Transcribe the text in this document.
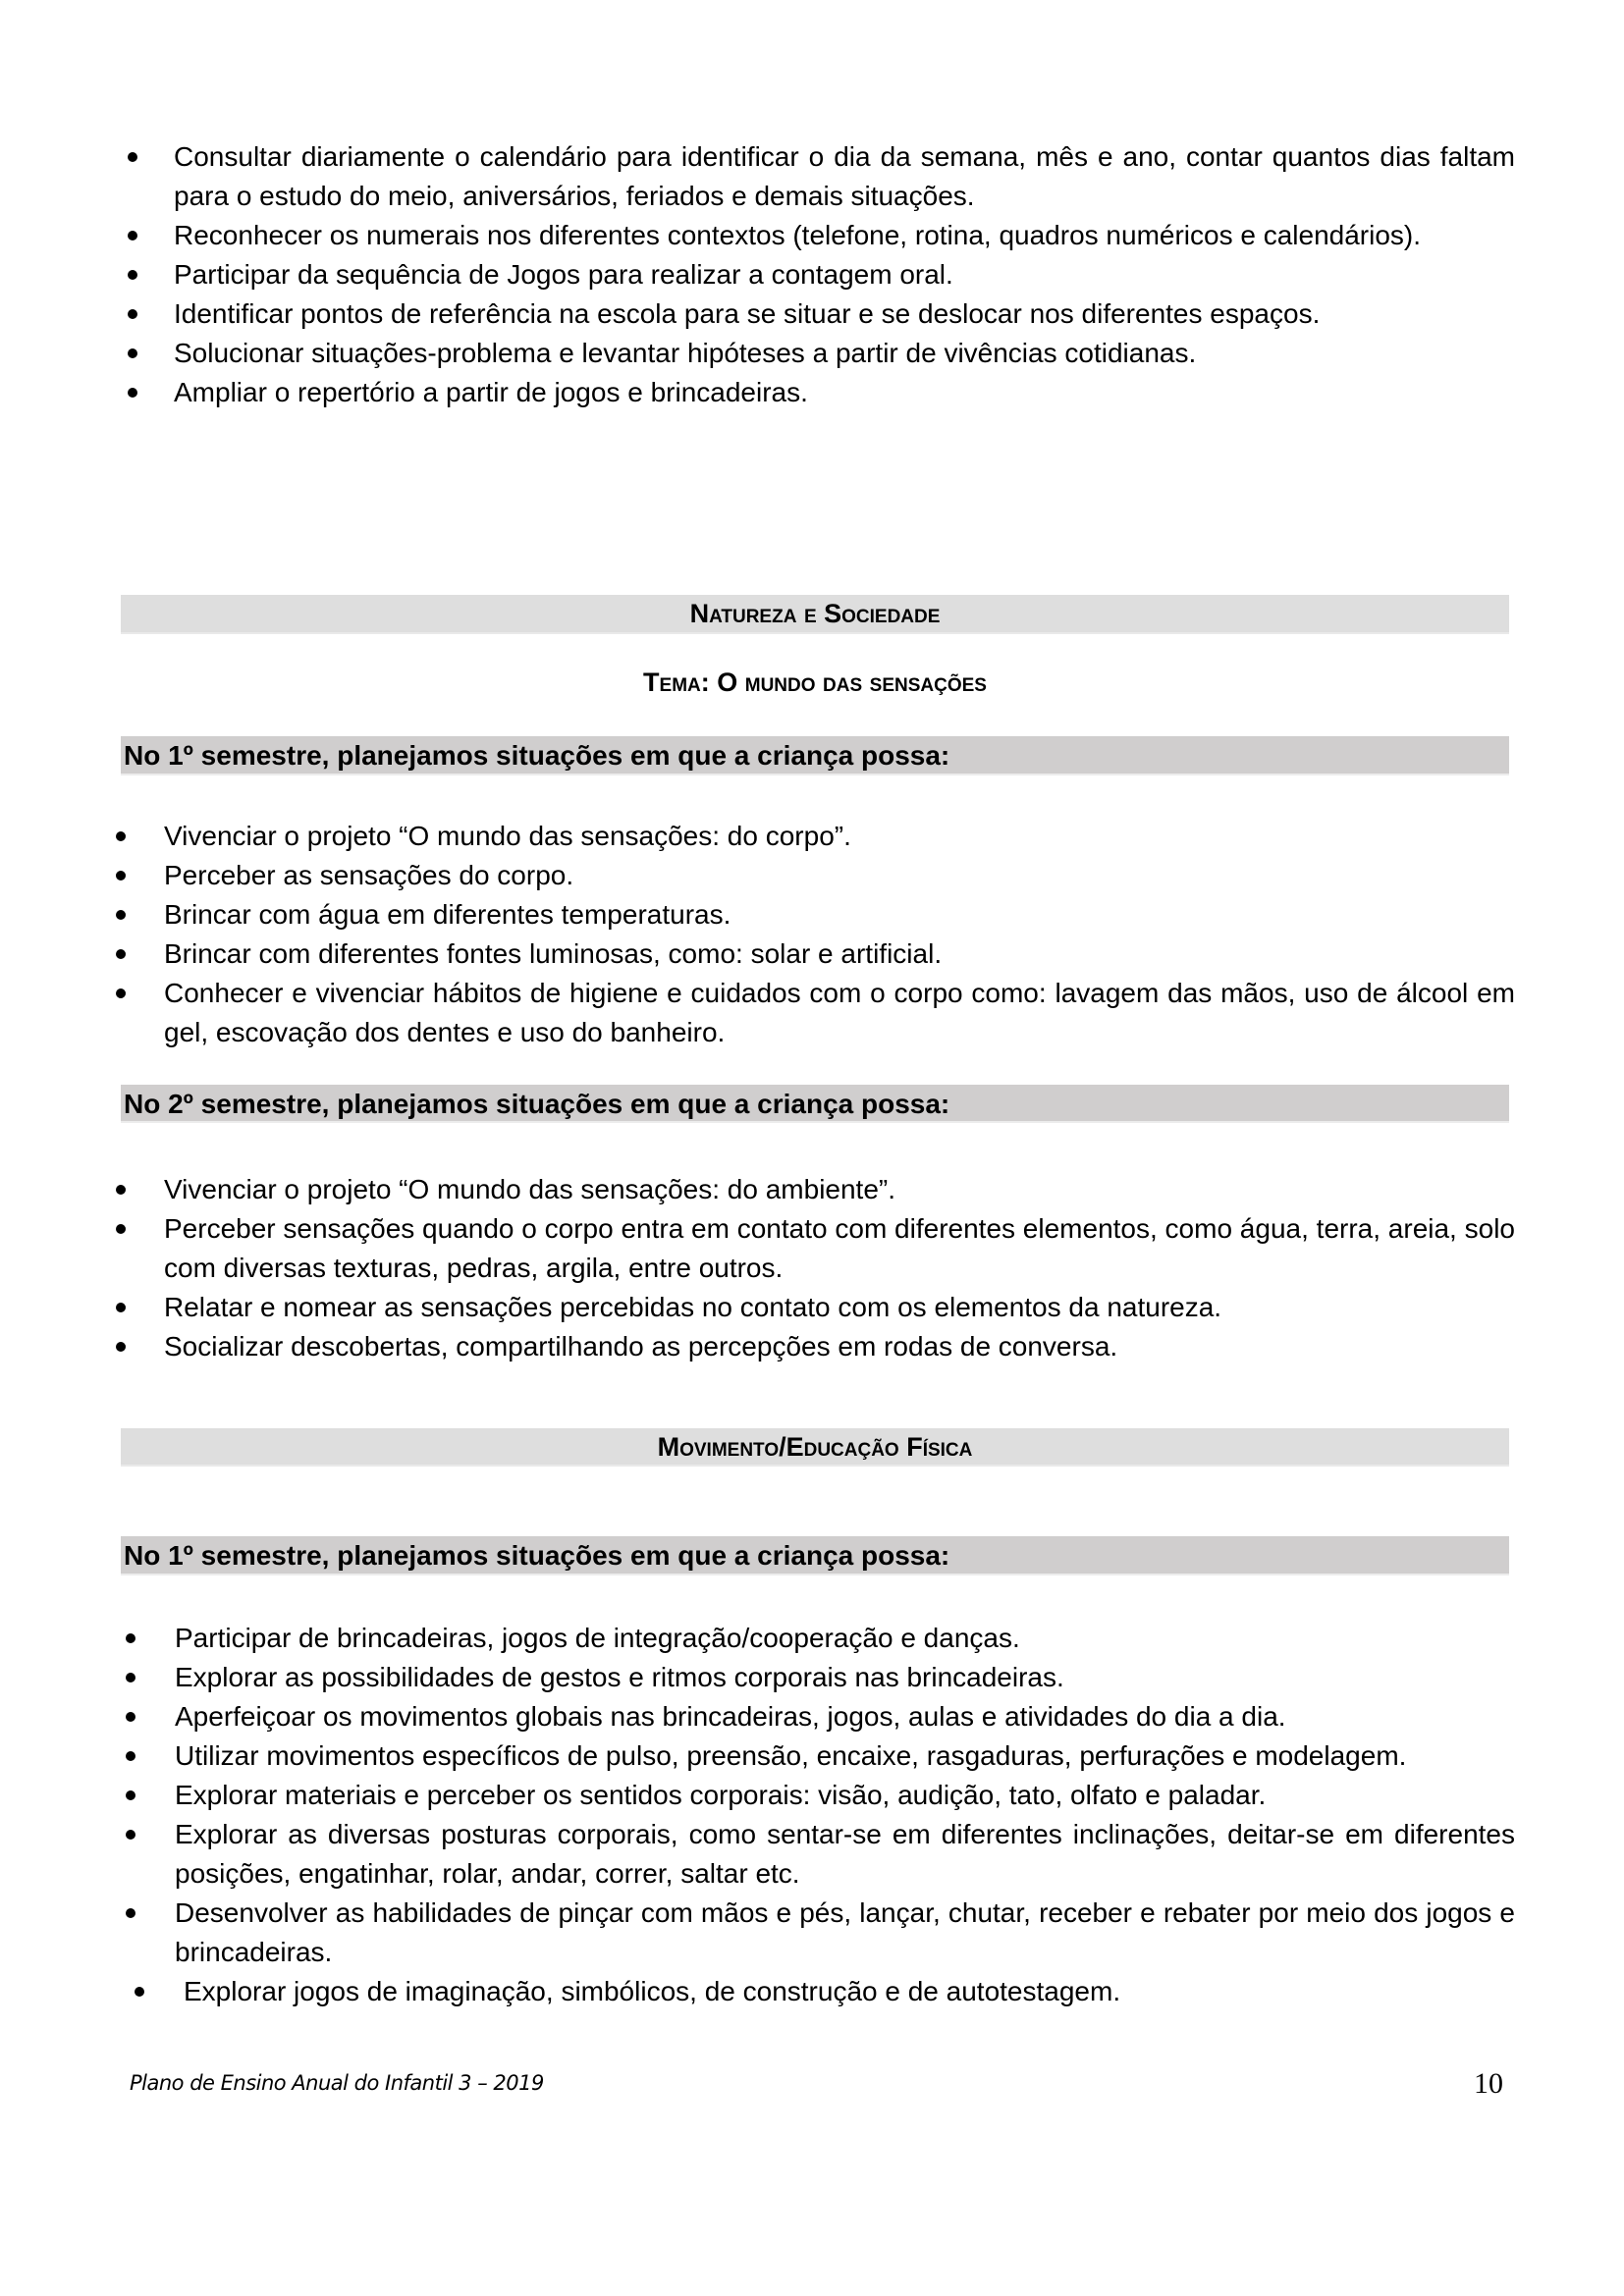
Consultar diariamente o calendário para identificar o dia da semana, mês e ano, contar quantos dias faltam para o estudo do meio, aniversários, feriados e demais situações.
Reconhecer os numerais nos diferentes contextos (telefone, rotina, quadros numéricos e calendários).
Participar da sequência de Jogos para realizar a contagem oral.
Identificar pontos de referência na escola para se situar e se deslocar nos diferentes espaços.
Solucionar situações-problema e levantar hipóteses a partir de vivências cotidianas.
Ampliar o repertório a partir de jogos e brincadeiras.
Natureza e Sociedade
Tema: O mundo das sensações
No 1º semestre, planejamos situações em que a criança possa:
Vivenciar o projeto “O mundo das sensações: do corpo”.
Perceber as sensações do corpo.
Brincar com água em diferentes temperaturas.
Brincar com diferentes fontes luminosas, como: solar e artificial.
Conhecer e vivenciar hábitos de higiene e cuidados com o corpo como: lavagem das mãos, uso de álcool em gel, escovação dos dentes e uso do banheiro.
No 2º semestre, planejamos situações em que a criança possa:
Vivenciar o projeto “O mundo das sensações: do ambiente”.
Perceber sensações quando o corpo entra em contato com diferentes elementos, como água, terra, areia, solo com diversas texturas, pedras, argila, entre outros.
Relatar e nomear as sensações percebidas no contato com os elementos da natureza.
Socializar descobertas, compartilhando as percepções em rodas de conversa.
Movimento/Educação Física
No 1º semestre, planejamos situações em que a criança possa:
Participar de brincadeiras, jogos de integração/cooperação e danças.
Explorar as possibilidades de gestos e ritmos corporais nas brincadeiras.
Aperfeiçoar os movimentos globais nas brincadeiras, jogos, aulas e atividades do dia a dia.
Utilizar movimentos específicos de pulso, preensão, encaixe, rasgaduras, perfurações e modelagem.
Explorar materiais e perceber os sentidos corporais: visão, audição, tato, olfato e paladar.
Explorar as diversas posturas corporais, como sentar-se em diferentes inclinações, deitar-se em diferentes posições, engatinhar, rolar, andar, correr, saltar etc.
Desenvolver as habilidades de pinçar com mãos e pés, lançar, chutar, receber e rebater por meio dos jogos e brincadeiras.
Explorar jogos de imaginação, simbólicos, de construção e de autotestagem.
Plano de Ensino Anual do Infantil 3 – 2019	10
